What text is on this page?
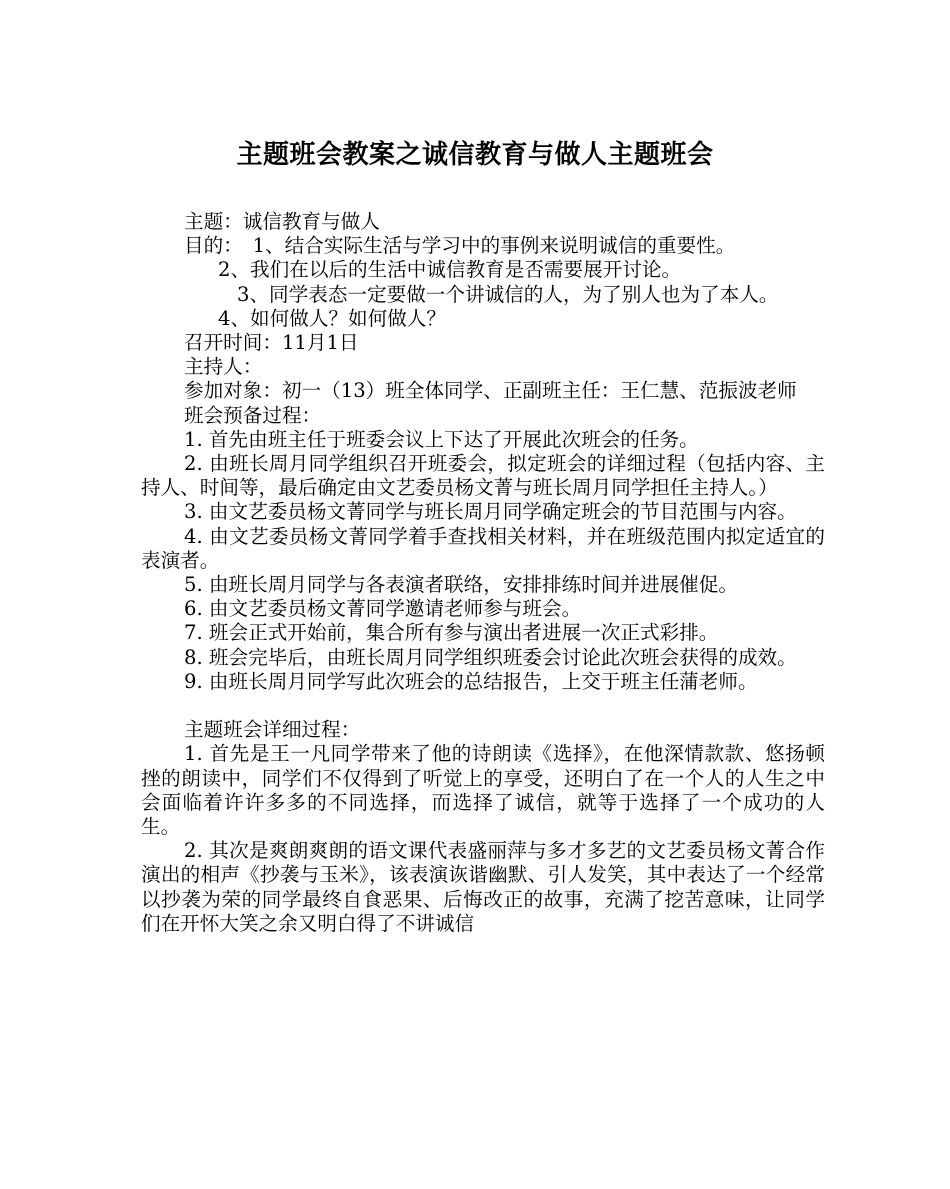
主题班会教案之诚信教育与做人主题班会

主题：诚信教育与做人

目的：　1、结合实际生活与学习中的事例来说明诚信的重要性。

2、我们在以后的生活中诚信教育是否需要展开讨论。

3、同学表态一定要做一个讲诚信的人，为了别人也为了本人。

4、如何做人？如何做人？

召开时间：11月1日

主持人：

参加对象：初一（13）班全体同学、正副班主任：王仁慧、范振波老师

班会预备过程：

1. 首先由班主任于班委会议上下达了开展此次班会的任务。

2. 由班长周月同学组织召开班委会，拟定班会的详细过程（包括内容、主持人、时间等，最后确定由文艺委员杨文菁与班长周月同学担任主持人。）

3. 由文艺委员杨文菁同学与班长周月同学确定班会的节目范围与内容。

4. 由文艺委员杨文菁同学着手查找相关材料，并在班级范围内拟定适宜的表演者。

5. 由班长周月同学与各表演者联络，安排排练时间并进展催促。

6. 由文艺委员杨文菁同学邀请老师参与班会。

7. 班会正式开始前，集合所有参与演出者进展一次正式彩排。

8. 班会完毕后，由班长周月同学组织班委会讨论此次班会获得的成效。

9. 由班长周月同学写此次班会的总结报告，上交于班主任蒲老师。

主题班会详细过程：

1. 首先是王一凡同学带来了他的诗朗读《选择》，在他深情款款、悠扬顿挫的朗读中，同学们不仅得到了听觉上的享受，还明白了在一个人的人生之中会面临着许许多多的不同选择，而选择了诚信，就等于选择了一个成功的人生。

2. 其次是爽朗爽朗的语文课代表盛丽萍与多才多艺的文艺委员杨文菁合作演出的相声《抄袭与玉米》，该表演诙谐幽默、引人发笑，其中表达了一个经常以抄袭为荣的同学最终自食恶果、后悔改正的故事，充满了挖苦意味，让同学们在开怀大笑之余又明白得了不讲诚信
